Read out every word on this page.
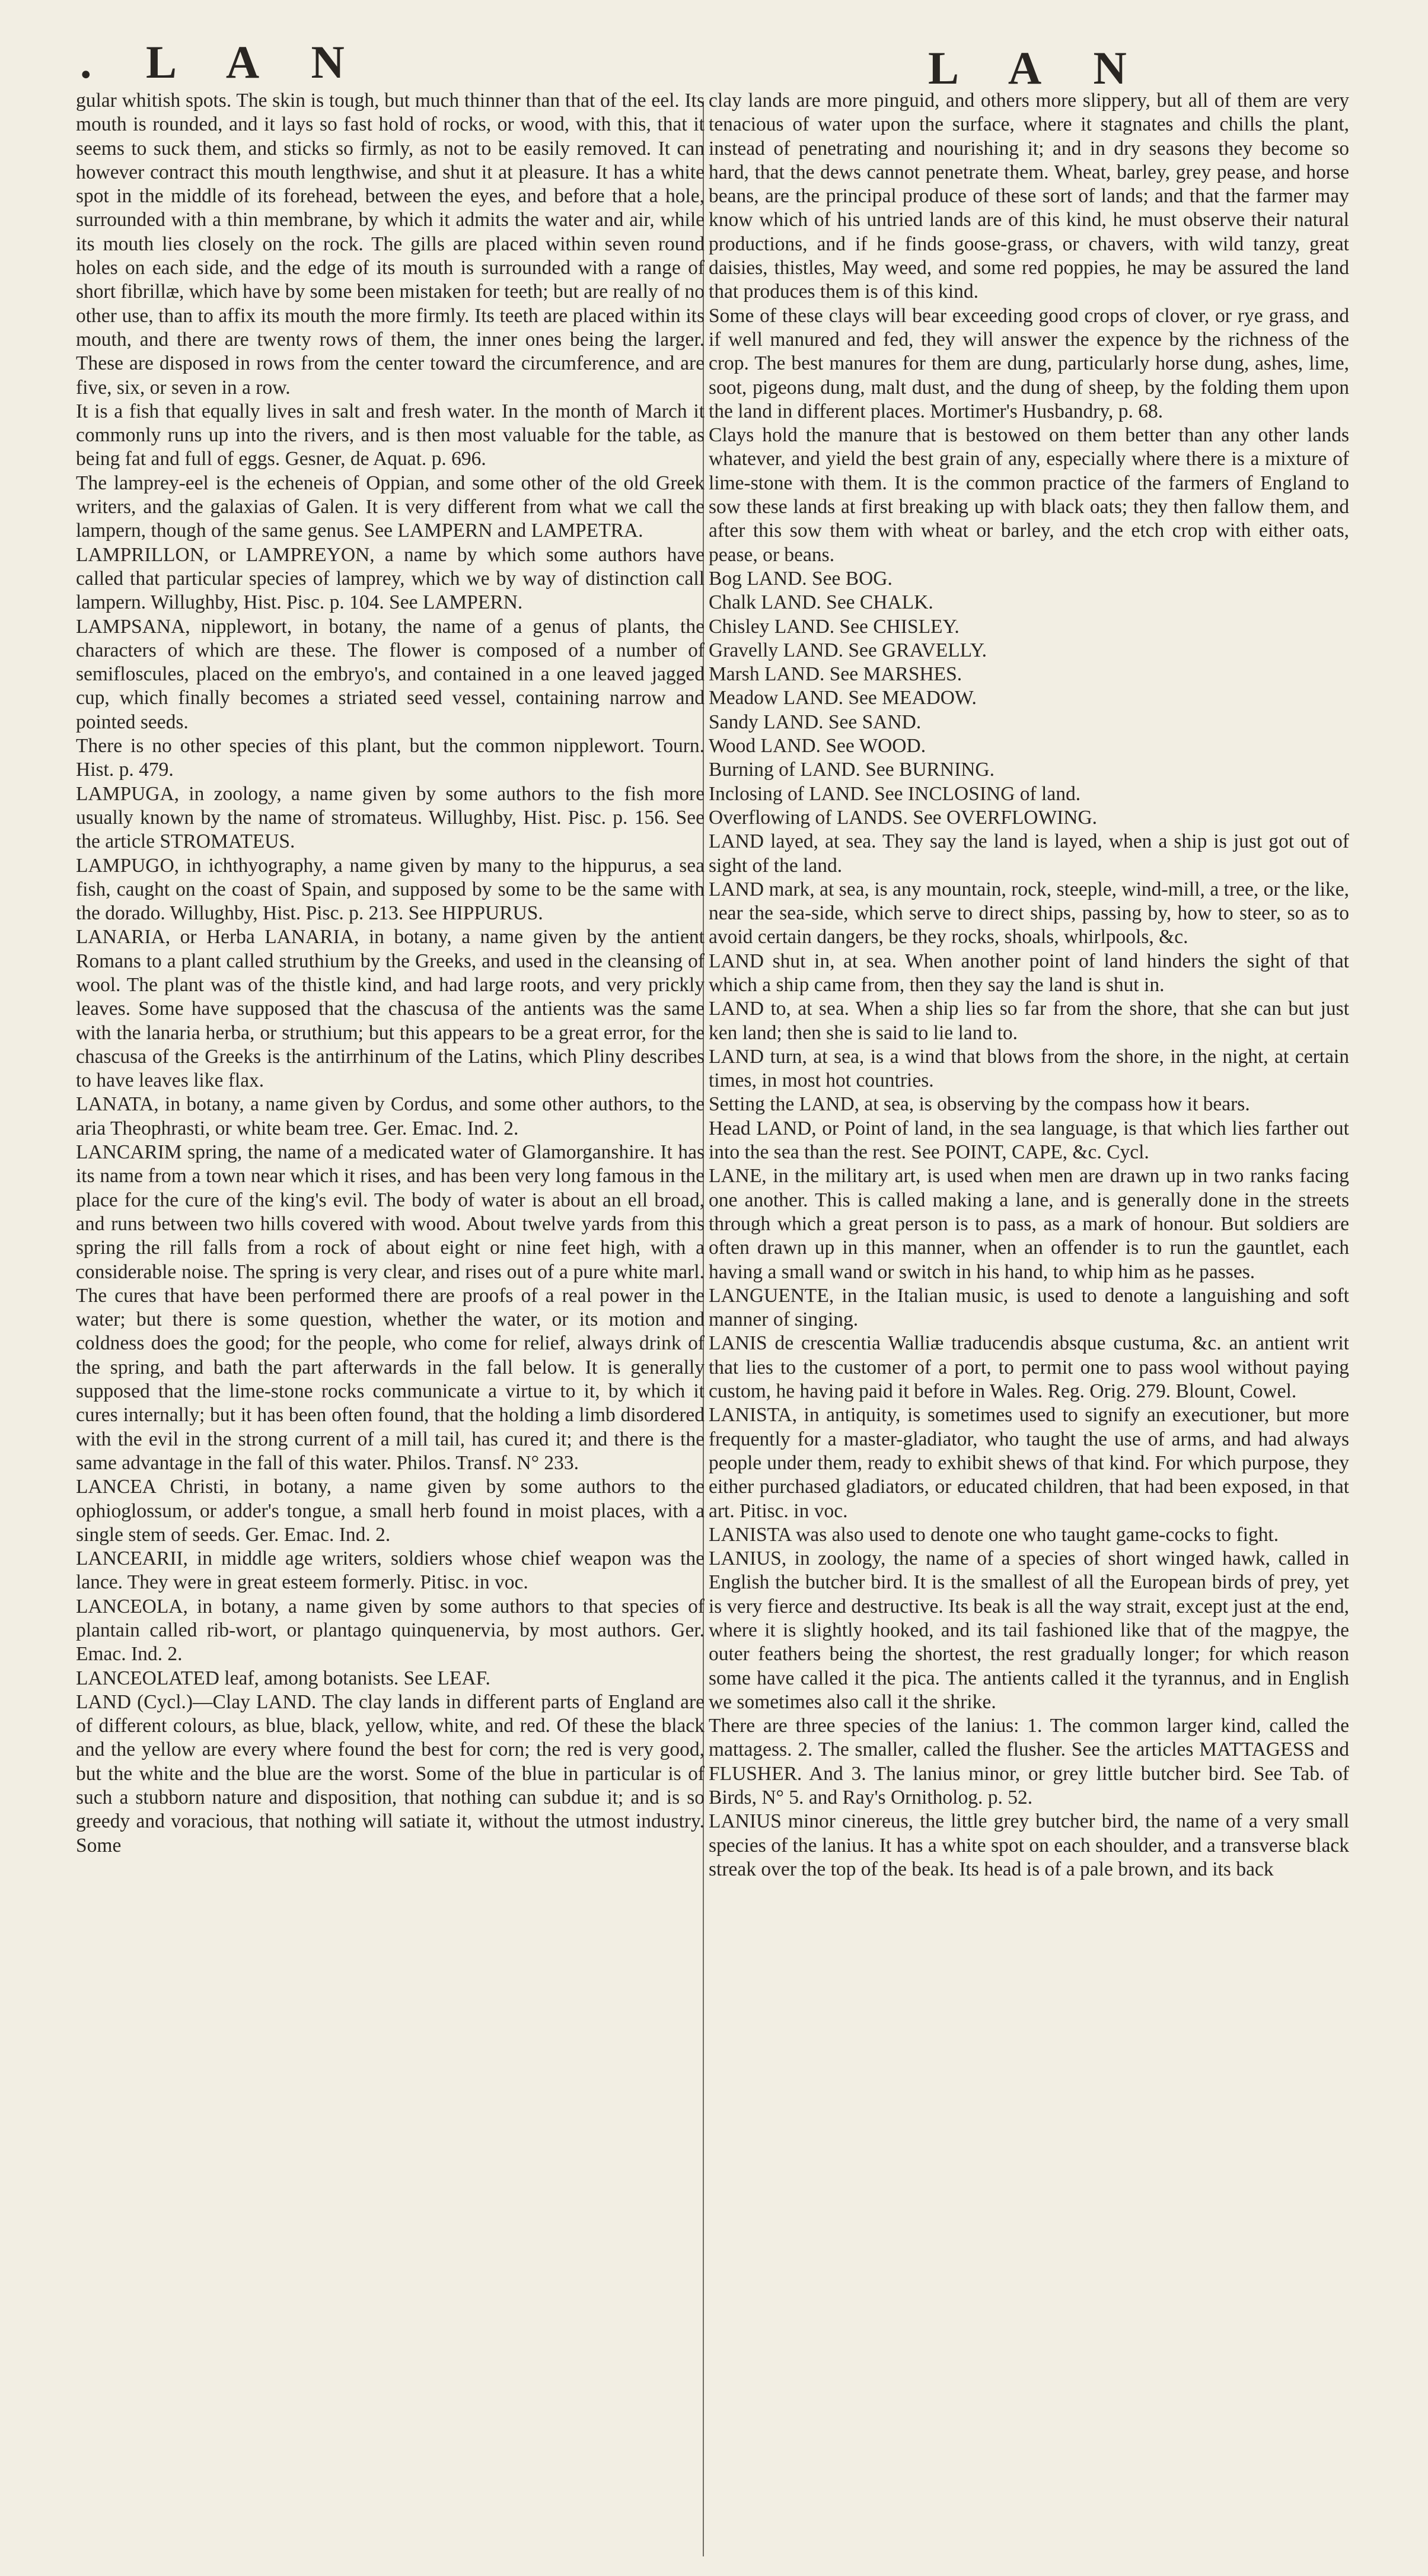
. L A N	L A N

gular whitish spots. The skin is tough, but much thinner than that of the eel. Its mouth is rounded, and it lays so fast hold of rocks, or wood, with this, that it seems to suck them, and sticks so firmly, as not to be easily removed. It can however contract this mouth lengthwise, and shut it at pleasure. It has a white spot in the middle of its forehead, between the eyes, and before that a hole, surrounded with a thin membrane, by which it admits the water and air, while its mouth lies closely on the rock. The gills are placed within seven round holes on each side, and the edge of its mouth is surrounded with a range of short fibrillæ, which have by some been mistaken for teeth; but are really of no other use, than to affix its mouth the more firmly. Its teeth are placed within its mouth, and there are twenty rows of them, the inner ones being the larger. These are disposed in rows from the center toward the circumference, and are five, six, or seven in a row.

It is a fish that equally lives in salt and fresh water. In the month of March it commonly runs up into the rivers, and is then most valuable for the table, as being fat and full of eggs. Gesner, de Aquat. p. 696.

The lamprey-eel is the echeneis of Oppian, and some other of the old Greek writers, and the galaxias of Galen. It is very different from what we call the lampern, though of the same genus. See LAMPERN and LAMPETRA.

LAMPRILLON, or LAMPREYON, a name by which some authors have called that particular species of lamprey, which we by way of distinction call lampern. Willughby, Hist. Pisc. p. 104. See LAMPERN.

LAMPSANA, nipplewort, in botany, the name of a genus of plants, the characters of which are these. The flower is composed of a number of semifloscules, placed on the embryo's, and contained in a one leaved jagged cup, which finally becomes a striated seed vessel, containing narrow and pointed seeds.

There is no other species of this plant, but the common nipplewort. Tourn. Hist. p. 479.

LAMPUGA, in zoology, a name given by some authors to the fish more usually known by the name of stromateus. Willughby, Hist. Pisc. p. 156. See the article STROMATEUS.

LAMPUGO, in ichthyography, a name given by many to the hippurus, a sea fish, caught on the coast of Spain, and supposed by some to be the same with the dorado. Willughby, Hist. Pisc. p. 213. See HIPPURUS.

LANARIA, or Herba LANARIA, in botany, a name given by the antient Romans to a plant called struthium by the Greeks, and used in the cleansing of wool. The plant was of the thistle kind, and had large roots, and very prickly leaves. Some have supposed that the chascusa of the antients was the same with the lanaria herba, or struthium; but this appears to be a great error, for the chascusa of the Greeks is the antirrhinum of the Latins, which Pliny describes to have leaves like flax.

LANATA, in botany, a name given by Cordus, and some other authors, to the aria Theophrasti, or white beam tree. Ger. Emac. Ind. 2.

LANCARIM spring, the name of a medicated water of Glamorganshire. It has its name from a town near which it rises, and has been very long famous in the place for the cure of the king's evil. The body of water is about an ell broad, and runs between two hills covered with wood. About twelve yards from this spring the rill falls from a rock of about eight or nine feet high, with a considerable noise. The spring is very clear, and rises out of a pure white marl. The cures that have been performed there are proofs of a real power in the water; but there is some question, whether the water, or its motion and coldness does the good; for the people, who come for relief, always drink of the spring, and bath the part afterwards in the fall below. It is generally supposed that the lime-stone rocks communicate a virtue to it, by which it cures internally; but it has been often found, that the holding a limb disordered with the evil in the strong current of a mill tail, has cured it; and there is the same advantage in the fall of this water. Philos. Transf. N° 233.

LANCEA Christi, in botany, a name given by some authors to the ophioglossum, or adder's tongue, a small herb found in moist places, with a single stem of seeds. Ger. Emac. Ind. 2.

LANCEARII, in middle age writers, soldiers whose chief weapon was the lance. They were in great esteem formerly. Pitisc. in voc.

LANCEOLA, in botany, a name given by some authors to that species of plantain called rib-wort, or plantago quinquenervia, by most authors. Ger. Emac. Ind. 2.

LANCEOLATED leaf, among botanists. See LEAF.

LAND (Cycl.)—Clay LAND. The clay lands in different parts of England are of different colours, as blue, black, yellow, white, and red. Of these the black and the yellow are every where found the best for corn; the red is very good, but the white and the blue are the worst. Some of the blue in particular is of such a stubborn nature and disposition, that nothing can subdue it; and is so greedy and voracious, that nothing will satiate it, without the utmost industry. Some

clay lands are more pinguid, and others more slippery, but all of them are very tenacious of water upon the surface, where it stagnates and chills the plant, instead of penetrating and nourishing it; and in dry seasons they become so hard, that the dews cannot penetrate them. Wheat, barley, grey pease, and horse beans, are the principal produce of these sort of lands; and that the farmer may know which of his untried lands are of this kind, he must observe their natural productions, and if he finds goose-grass, or chavers, with wild tanzy, great daisies, thistles, May weed, and some red poppies, he may be assured the land that produces them is of this kind.

Some of these clays will bear exceeding good crops of clover, or rye grass, and if well manured and fed, they will answer the expence by the richness of the crop. The best manures for them are dung, particularly horse dung, ashes, lime, soot, pigeons dung, malt dust, and the dung of sheep, by the folding them upon the land in different places. Mortimer's Husbandry, p. 68.

Clays hold the manure that is bestowed on them better than any other lands whatever, and yield the best grain of any, especially where there is a mixture of lime-stone with them. It is the common practice of the farmers of England to sow these lands at first breaking up with black oats; they then fallow them, and after this sow them with wheat or barley, and the etch crop with either oats, pease, or beans.

Bog LAND. See BOG.

Chalk LAND. See CHALK.

Chisley LAND. See CHISLEY.

Gravelly LAND. See GRAVELLY.

Marsh LAND. See MARSHES.

Meadow LAND. See MEADOW.

Sandy LAND. See SAND.

Wood LAND. See WOOD.

Burning of LAND. See BURNING.

Inclosing of LAND. See INCLOSING of land.

Overflowing of LANDS. See OVERFLOWING.

LAND layed, at sea. They say the land is layed, when a ship is just got out of sight of the land.

LAND mark, at sea, is any mountain, rock, steeple, wind-mill, a tree, or the like, near the sea-side, which serve to direct ships, passing by, how to steer, so as to avoid certain dangers, be they rocks, shoals, whirlpools, &c.

LAND shut in, at sea. When another point of land hinders the sight of that which a ship came from, then they say the land is shut in.

LAND to, at sea. When a ship lies so far from the shore, that she can but just ken land; then she is said to lie land to.

LAND turn, at sea, is a wind that blows from the shore, in the night, at certain times, in most hot countries.

Setting the LAND, at sea, is observing by the compass how it bears.

Head LAND, or Point of land, in the sea language, is that which lies farther out into the sea than the rest. See POINT, CAPE, &c. Cycl.

LANE, in the military art, is used when men are drawn up in two ranks facing one another. This is called making a lane, and is generally done in the streets through which a great person is to pass, as a mark of honour. But soldiers are often drawn up in this manner, when an offender is to run the gauntlet, each having a small wand or switch in his hand, to whip him as he passes.

LANGUENTE, in the Italian music, is used to denote a languishing and soft manner of singing.

LANIS de crescentia Walliæ traducendis absque custuma, &c. an antient writ that lies to the customer of a port, to permit one to pass wool without paying custom, he having paid it before in Wales. Reg. Orig. 279. Blount, Cowel.

LANISTA, in antiquity, is sometimes used to signify an executioner, but more frequently for a master-gladiator, who taught the use of arms, and had always people under them, ready to exhibit shews of that kind. For which purpose, they either purchased gladiators, or educated children, that had been exposed, in that art. Pitisc. in voc.

LANISTA was also used to denote one who taught game-cocks to fight.

LANIUS, in zoology, the name of a species of short winged hawk, called in English the butcher bird. It is the smallest of all the European birds of prey, yet is very fierce and destructive. Its beak is all the way strait, except just at the end, where it is slightly hooked, and its tail fashioned like that of the magpye, the outer feathers being the shortest, the rest gradually longer; for which reason some have called it the pica. The antients called it the tyrannus, and in English we sometimes also call it the shrike.

There are three species of the lanius: 1. The common larger kind, called the mattagess. 2. The smaller, called the flusher. See the articles MATTAGESS and FLUSHER. And 3. The lanius minor, or grey little butcher bird. See Tab. of Birds, N° 5. and Ray's Ornitholog. p. 52.

LANIUS minor cinereus, the little grey butcher bird, the name of a very small species of the lanius. It has a white spot on each shoulder, and a transverse black streak over the top of the beak. Its head is of a pale brown, and its back
